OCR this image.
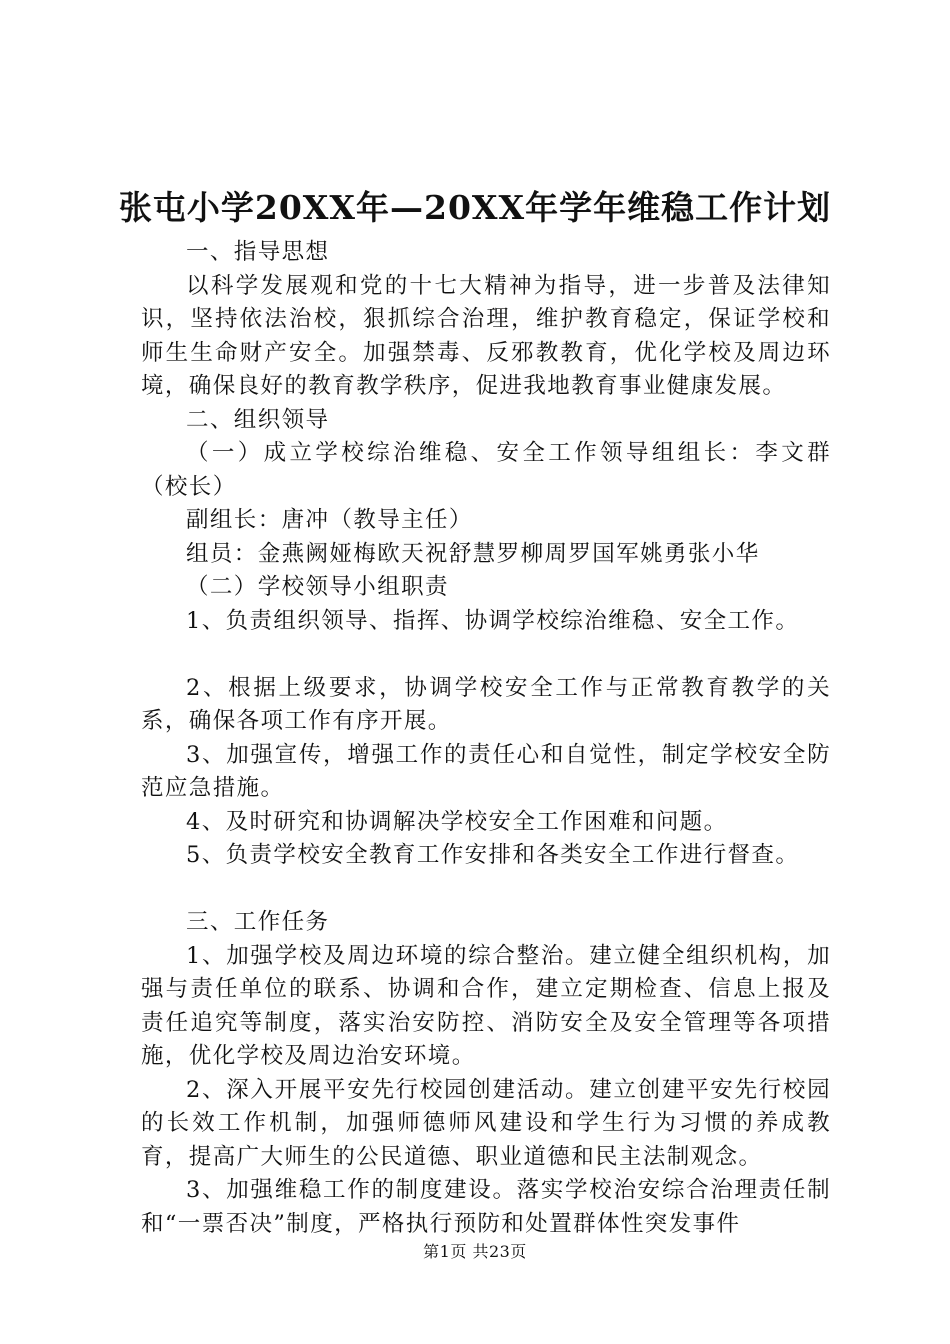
张屯小学20XX年—20XX年学年维稳工作计划

一、指导思想

以科学发展观和党的十七大精神为指导，进一步普及法律知识，坚持依法治校，狠抓综合治理，维护教育稳定，保证学校和师生生命财产安全。加强禁毒、反邪教教育，优化学校及周边环境，确保良好的教育教学秩序，促进我地教育事业健康发展。

二、组织领导

（一）成立学校综治维稳、安全工作领导组组长：李文群（校长）

副组长：唐冲（教导主任）

组员：金燕阙娅梅欧天祝舒慧罗柳周罗国军姚勇张小华

（二）学校领导小组职责

1、负责组织领导、指挥、协调学校综治维稳、安全工作。

2、根据上级要求，协调学校安全工作与正常教育教学的关系，确保各项工作有序开展。

3、加强宣传，增强工作的责任心和自觉性，制定学校安全防范应急措施。

4、及时研究和协调解决学校安全工作困难和问题。

5、负责学校安全教育工作安排和各类安全工作进行督查。

三、工作任务

1、加强学校及周边环境的综合整治。建立健全组织机构，加强与责任单位的联系、协调和合作，建立定期检查、信息上报及责任追究等制度，落实治安防控、消防安全及安全管理等各项措施，优化学校及周边治安环境。

2、深入开展平安先行校园创建活动。建立创建平安先行校园的长效工作机制，加强师德师风建设和学生行为习惯的养成教育，提高广大师生的公民道德、职业道德和民主法制观念。

3、加强维稳工作的制度建设。落实学校治安综合治理责任制和“一票否决”制度，严格执行预防和处置群体性突发事件

第1页 共23页
